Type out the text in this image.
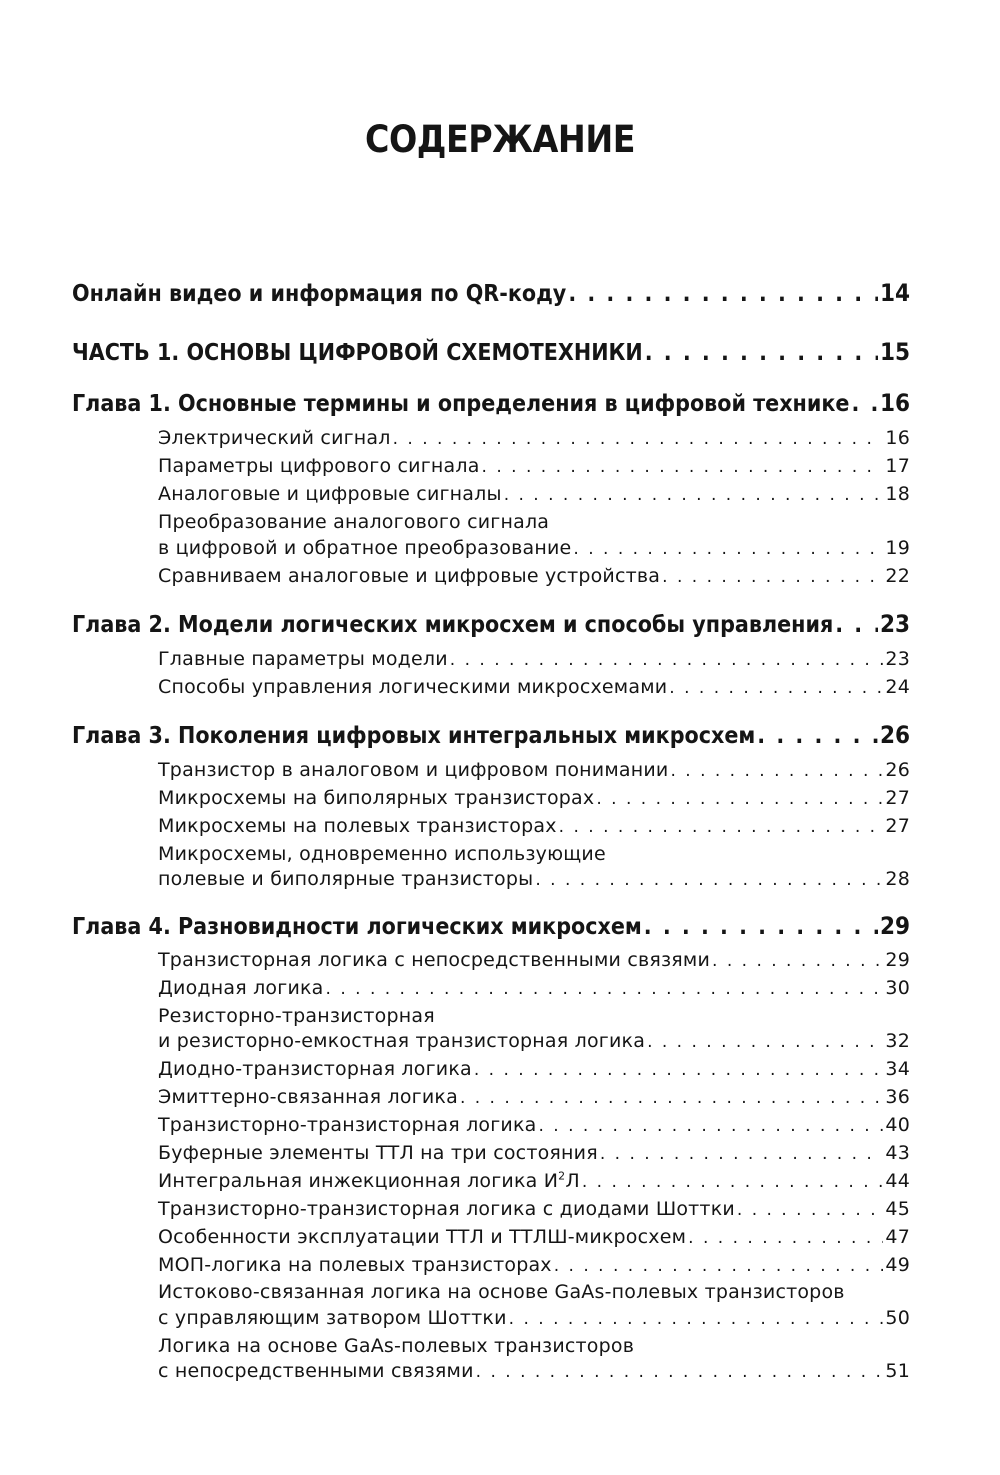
СОДЕРЖАНИЕ
Онлайн видео и информация по QR-коду . . .	14
ЧАСТЬ 1. ОСНОВЫ ЦИФРОВОЙ СХЕМОТЕХНИКИ . . .	15
Глава 1. Основные термины и определения в цифровой технике . . . 16
Электрический сигнал . . .	16
Параметры цифрового сигнала . . .	17
Аналоговые и цифровые сигналы . . .	18
Преобразование аналогового сигнала
в цифровой и обратное преобразование . . .	19
Сравниваем аналоговые и цифровые устройства . . .	22
Глава 2. Модели логических микросхем и способы управления . . . 23
Главные параметры модели . . .	23
Способы управления логическими микросхемами . . .	24
Глава 3. Поколения цифровых интегральных микросхем . . .	26
Транзистор в аналоговом и цифровом понимании . . .	26
Микросхемы на биполярных транзисторах . . .	27
Микросхемы на полевых транзисторах . . .	27
Микросхемы, одновременно использующие
полевые и биполярные транзисторы . . .	28
Глава 4. Разновидности логических микросхем . . .	29
Транзисторная логика с непосредственными связями . . .	29
Диодная логика . . .	30
Резисторно-транзисторная
и резисторно-емкостная транзисторная логика . . .	32
Диодно-транзисторная логика . . .	34
Эмиттерно-связанная логика . . .	36
Транзисторно-транзисторная логика . . .	40
Буферные элементы ТТЛ на три состояния . . .	43
Интегральная инжекционная логика $И^2Л$ . . .	44
Транзисторно-транзисторная логика с диодами Шоттки . . .	45
Особенности эксплуатации ТТЛ и ТТЛШ-микросхем . . .	47
МОП-логика на полевых транзисторах . . .	49
Истоково-связанная логика на основе GaAs-полевых транзисторов
с управляющим затвором Шоттки . . .	50
Логика на основе GaAs-полевых транзисторов
с непосредственными связями . . .	51
